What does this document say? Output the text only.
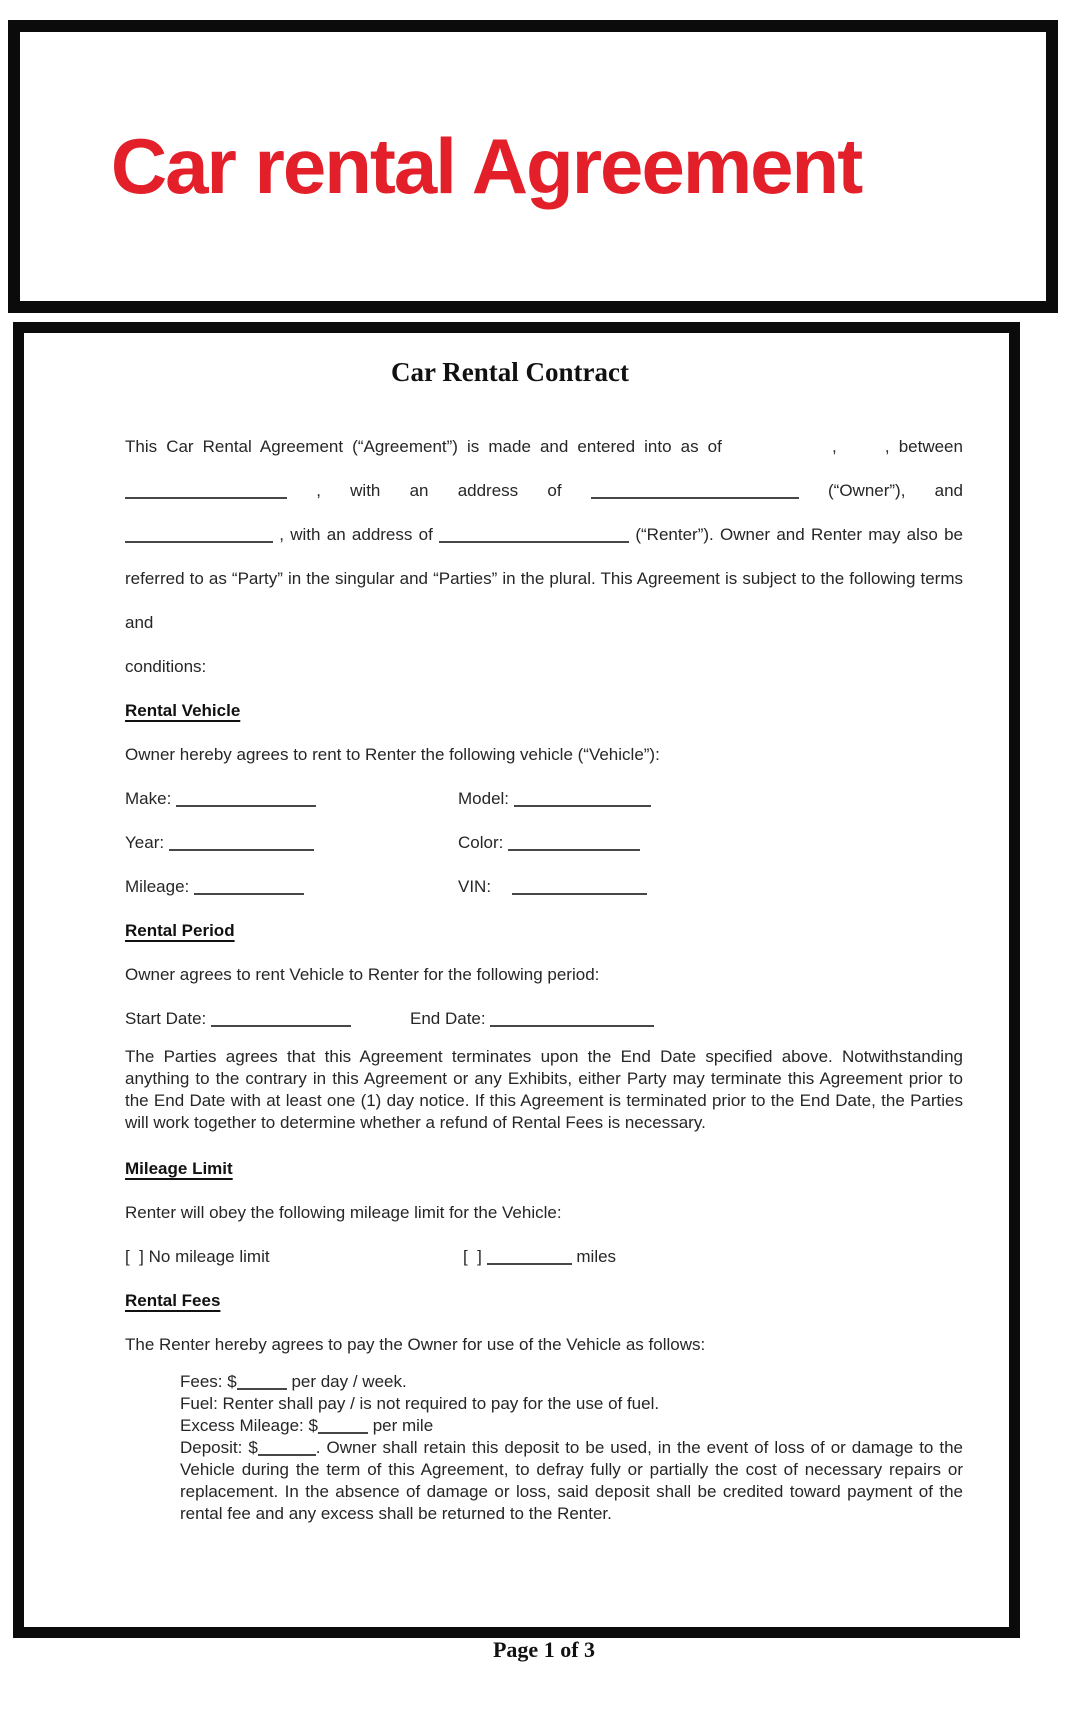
Car rental Agreement
Car Rental Contract
This Car Rental Agreement (“Agreement”) is made and entered into as of	,	, between
, with an address of	(“Owner”), and
, with an address of	(“Renter”). Owner and Renter may also be
referred to as “Party” in the singular and “Parties” in the plural. This Agreement is subject to the following terms and
conditions:
Rental Vehicle
Owner hereby agrees to rent to Renter the following vehicle (“Vehicle”):
Make:	Model:
Year:	Color:
Mileage:	VIN:
Rental Period
Owner agrees to rent Vehicle to Renter for the following period:
Start Date:	End Date:
The Parties agrees that this Agreement terminates upon the End Date specified above. Notwithstanding anything to the contrary in this Agreement or any Exhibits, either Party may terminate this Agreement prior to the End Date with at least one (1) day notice. If this Agreement is terminated prior to the End Date, the Parties will work together to determine whether a refund of Rental Fees is necessary.
Mileage Limit
Renter will obey the following mileage limit for the Vehicle:
[  ] No mileage limit	[  ]	miles
Rental Fees
The Renter hereby agrees to pay the Owner for use of the Vehicle as follows:
Fees: $	per day / week.
Fuel: Renter shall pay / is not required to pay for the use of fuel.
Excess Mileage: $	per mile
Deposit: $	. Owner shall retain this deposit to be used, in the event of loss of or damage to the Vehicle during the term of this Agreement, to defray fully or partially the cost of necessary repairs or replacement. In the absence of damage or loss, said deposit shall be credited toward payment of the rental fee and any excess shall be returned to the Renter.
Page 1 of 3
